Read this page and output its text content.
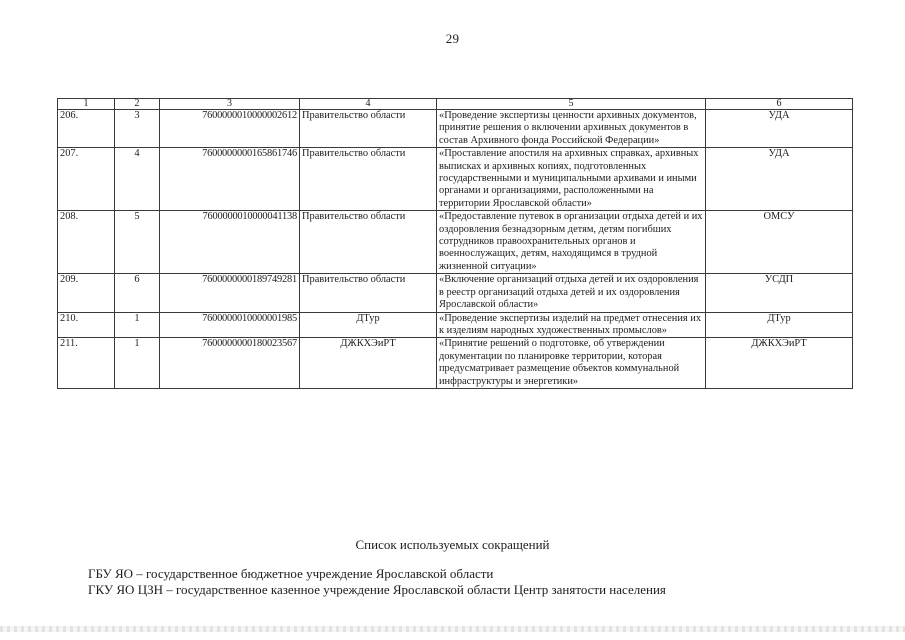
29
1	2	3	4	5	6
206.	3	7600000010000002612	Правительство области	«Проведение экспертизы ценности архивных документов, принятие решения о включении архивных документов в состав Архивного фонда Российской Федерации»	УДА
207.	4	7600000000165861746	Правительство области	«Проставление апостиля на архивных справках, архивных выписках и архивных копиях, подготовленных государственными и муниципальными архивами и иными органами и организациями, расположенными на территории Ярославской области»	УДА
208.	5	7600000010000041138	Правительство области	«Предоставление путевок в организации отдыха детей и их оздоровления безнадзорным детям, детям погибших сотрудников правоохранительных органов и военнослужащих, детям, находящимся в трудной жизненной ситуации»	ОМСУ
209.	6	7600000000189749281	Правительство области	«Включение организаций отдыха детей и их оздоровления в реестр организаций отдыха детей и их оздоровления Ярославской области»	УСДП
210.	1	7600000010000001985	ДТур	«Проведение экспертизы изделий на предмет отнесения их к изделиям народных художественных промыслов»	ДТур
211.	1	7600000000180023567	ДЖКХЭиРТ	«Принятие решений о подготовке, об утверждении документации по планировке территории, которая предусматривает размещение объектов коммунальной инфраструктуры и энергетики»	ДЖКХЭиРТ
Список используемых сокращений
ГБУ ЯО – государственное бюджетное учреждение Ярославской области
ГКУ ЯО ЦЗН – государственное казенное учреждение Ярославской области Центр занятости населения
